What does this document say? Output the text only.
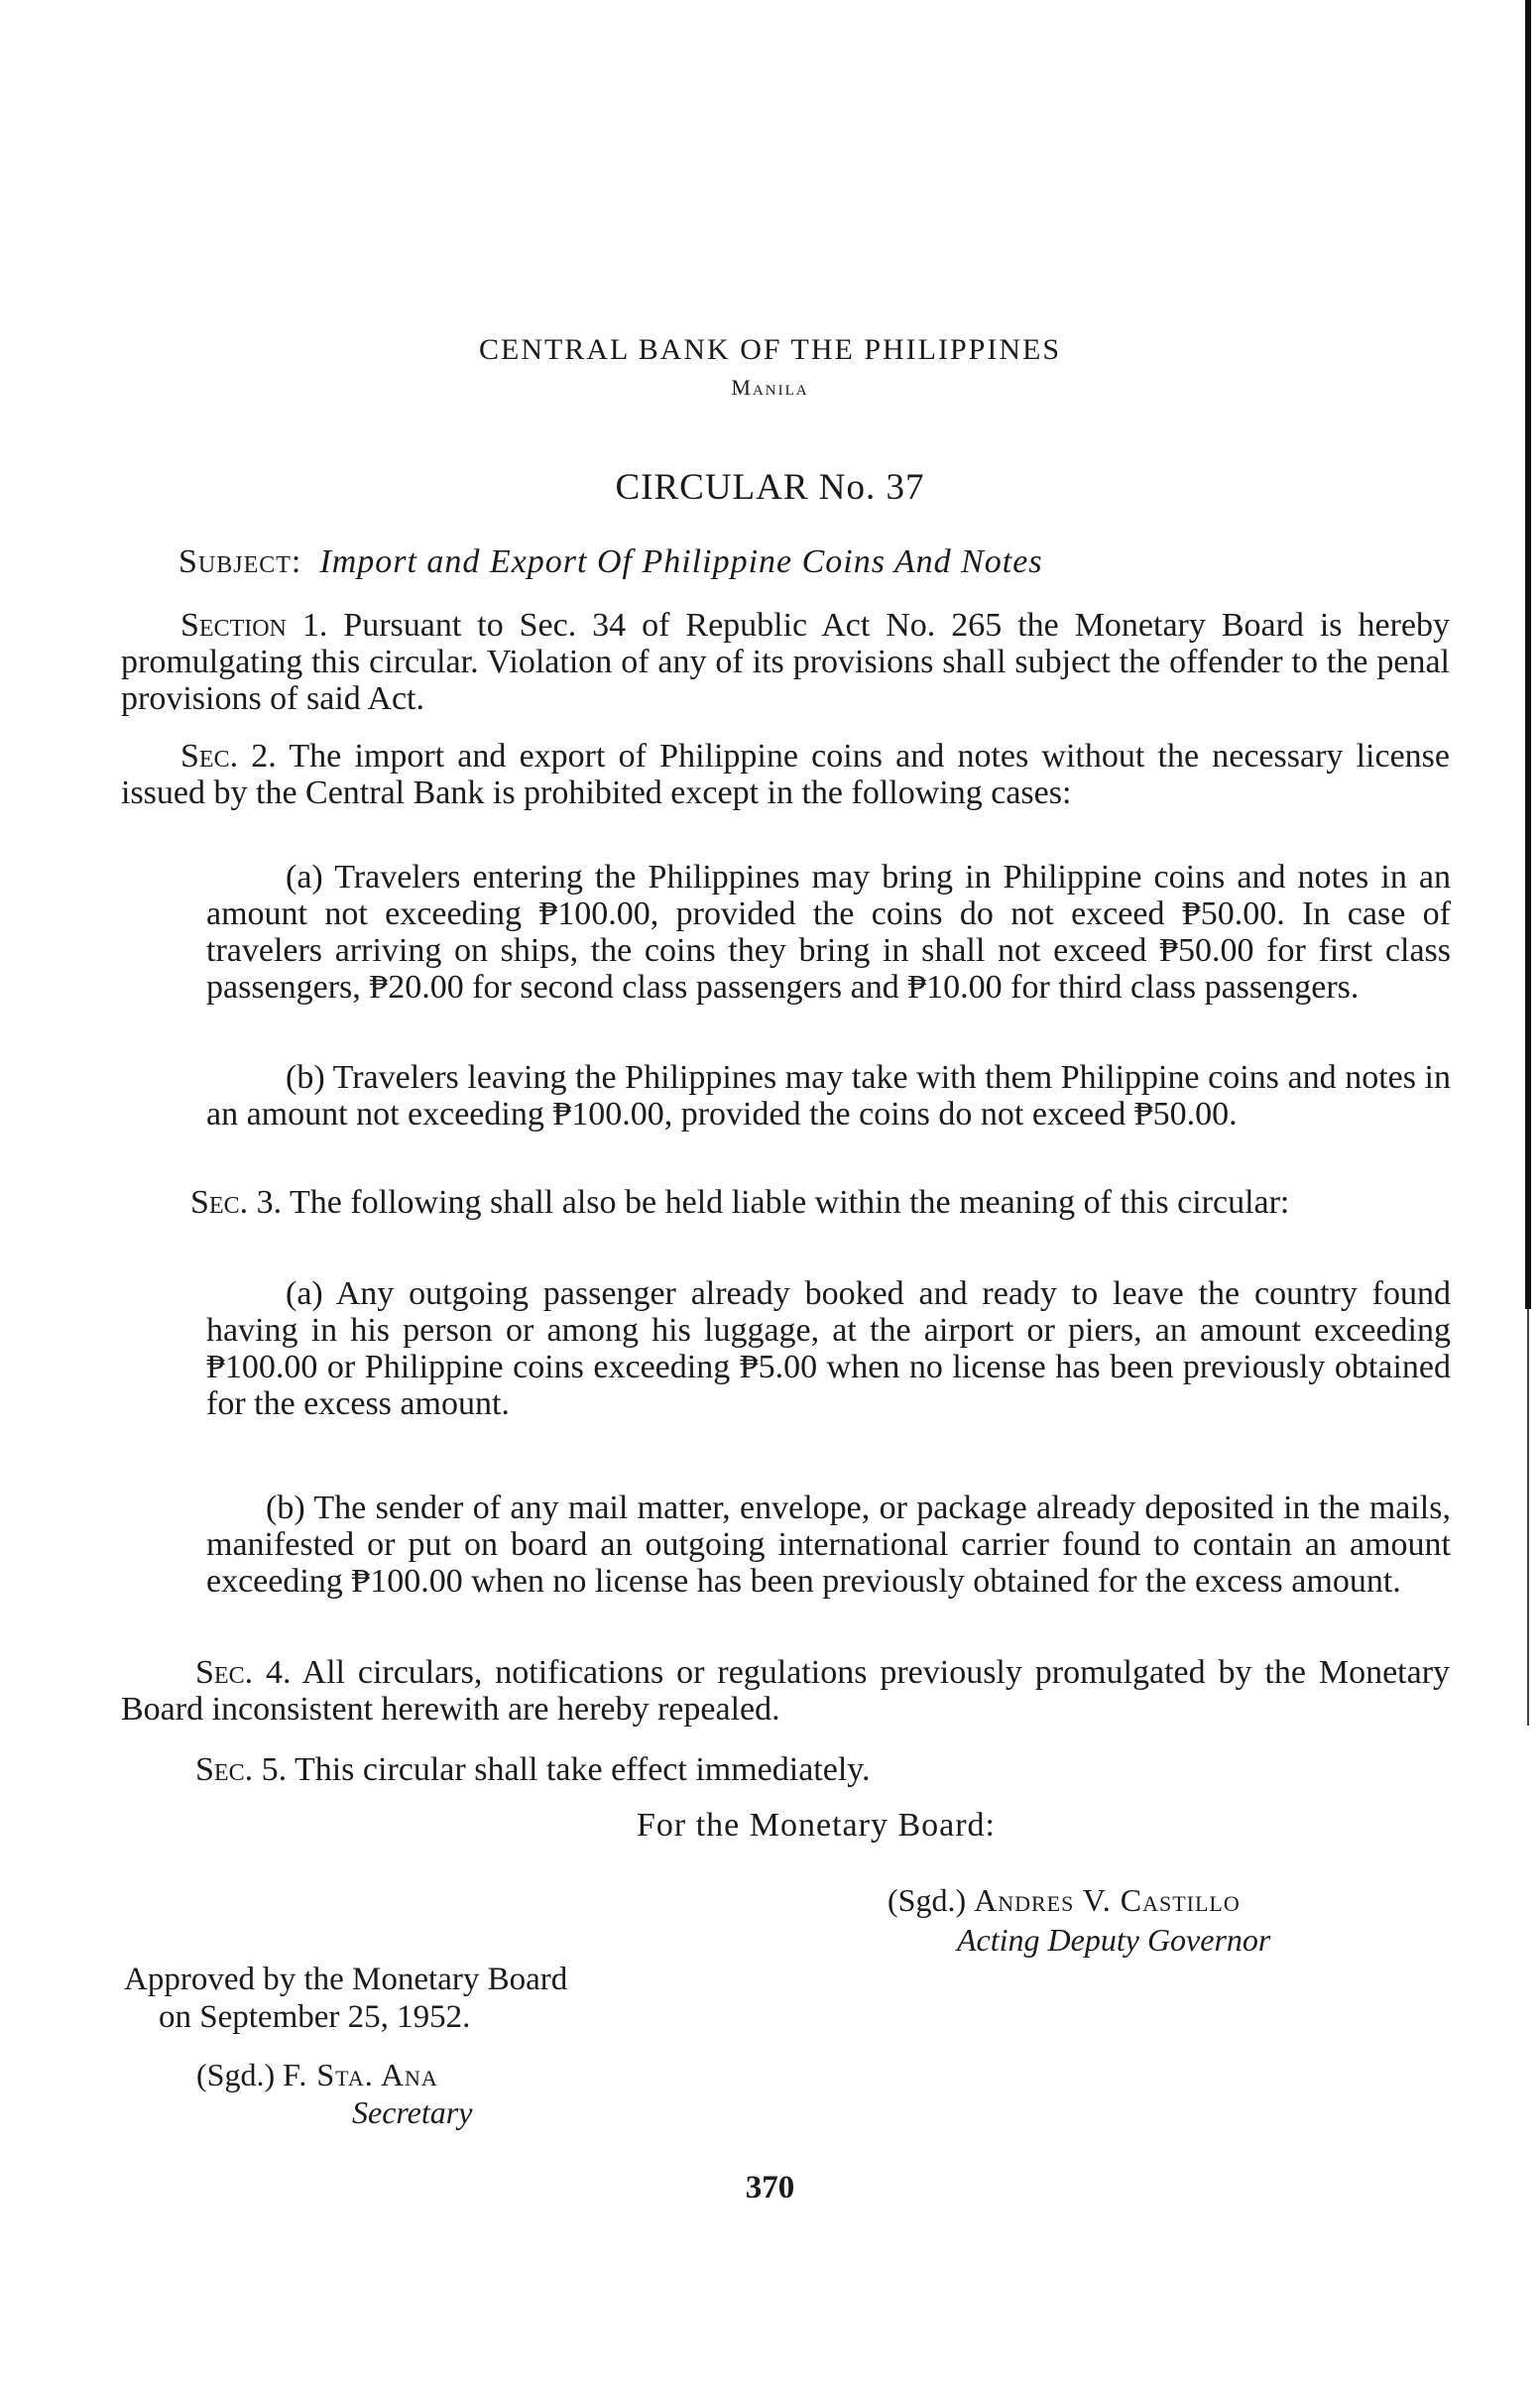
CENTRAL BANK OF THE PHILIPPINES
Manila
CIRCULAR No. 37
Subject: Import and Export Of Philippine Coins And Notes
Section 1. Pursuant to Sec. 34 of Republic Act No. 265 the Monetary Board is hereby promulgating this circular. Violation of any of its provisions shall subject the offender to the penal provisions of said Act.
Sec. 2. The import and export of Philippine coins and notes without the necessary license issued by the Central Bank is prohibited except in the following cases:
(a) Travelers entering the Philippines may bring in Philippine coins and notes in an amount not exceeding ₱100.00, provided the coins do not exceed ₱50.00. In case of travelers arriving on ships, the coins they bring in shall not exceed ₱50.00 for first class passengers, ₱20.00 for second class passengers and ₱10.00 for third class passengers.
(b) Travelers leaving the Philippines may take with them Philippine coins and notes in an amount not exceeding ₱100.00, provided the coins do not exceed ₱50.00.
Sec. 3. The following shall also be held liable within the meaning of this circular:
(a) Any outgoing passenger already booked and ready to leave the country found having in his person or among his luggage, at the airport or piers, an amount exceeding ₱100.00 or Philippine coins exceeding ₱5.00 when no license has been previously obtained for the excess amount.
(b) The sender of any mail matter, envelope, or package already deposited in the mails, manifested or put on board an outgoing international carrier found to contain an amount exceeding ₱100.00 when no license has been previously obtained for the excess amount.
Sec. 4. All circulars, notifications or regulations previously promulgated by the Monetary Board inconsistent herewith are hereby repealed.
Sec. 5. This circular shall take effect immediately.
For the Monetary Board:
(Sgd.) Andres V. Castillo
Acting Deputy Governor
Approved by the Monetary Board
on September 25, 1952.
(Sgd.) F. Sta. Ana
Secretary
370
